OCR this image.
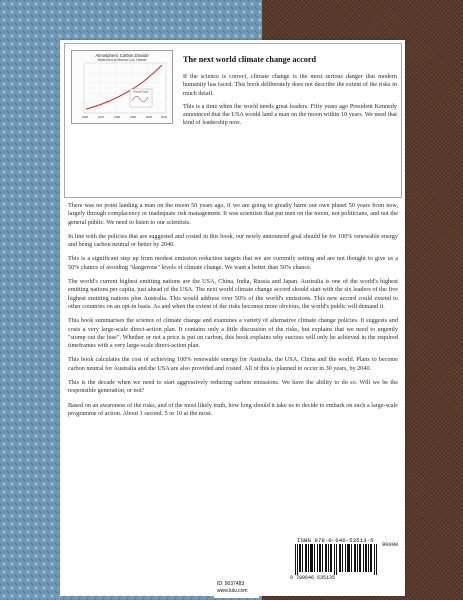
Annual Cycle
1960	1970	1980	1990	2000	2010
Atmospheric Carbon Dioxide
Measured at Mauna Loa, Hawaii	The next world climate change accord

If the science is correct, climate change is the most serious danger that modern humanity has faced. This book deliberately does not describe the extent of the risks in much detail.

This is a time when the world needs great leaders. Fifty years ago President Kennedy announced that the USA would land a man on the moon within 10 years. We need that kind of leadership now.

There was no point landing a man on the moon 50 years ago, if we are going to greatly harm our own planet 50 years from now, largely through complacency or inadequate risk management. It was scientists that put men on the moon, not politicians, and not the general public. We need to listen to our scientists.

In line with the policies that are suggested and costed in this book, our newly announced goal should be for 100% renewable energy and being carbon neutral or better by 2040.

This is a significant step up from modest emission reduction targets that we are currently setting and are not thought to give us a 50% chance of avoiding "dangerous" levels of climate change. We want a better than 50% chance.

The world's current highest emitting nations are the USA, China, India, Russia and Japan. Australia is one of the world's highest emitting nations per capita, just ahead of the USA. The next world climate change accord should start with the six leaders of the five highest emitting nations plus Australia. This would address over 50% of the world's emissions. This new accord could extend to other countries on an opt-in basis. As and when the extent of the risks becomes more obvious, the world's public will demand it.

This book summarises the science of climate change and examines a variety of alternative climate change policies. It suggests and costs a very large-scale direct-action plan. It contains only a little discussion of the risks, but explains that we need to urgently "stomp out the fuse". Whether or not a price is put on carbon, this book explains why success will only be achieved in the required timeframes with a very large-scale direct-action plan.

This book calculates the cost of achieving 100% renewable energy for Australia, the USA, China and the world. Plans to become carbon neutral for Australia and the USA are also provided and costed. All of this is planned to occur in 30 years, by 2040.

This is the decade when we need to start aggressively reducing carbon emissions. We have the ability to do so. Will we be the responsible generation, or not?

Based on an awareness of the risks, and of the most likely truth, how long should it take us to decide to embark on such a large-scale programme of action. About 1 second. 5 or 10 at the most.

ISBN 978-0-646-53513-5
90000
9 780646 535135
ID: 9037483
www.lulu.com
